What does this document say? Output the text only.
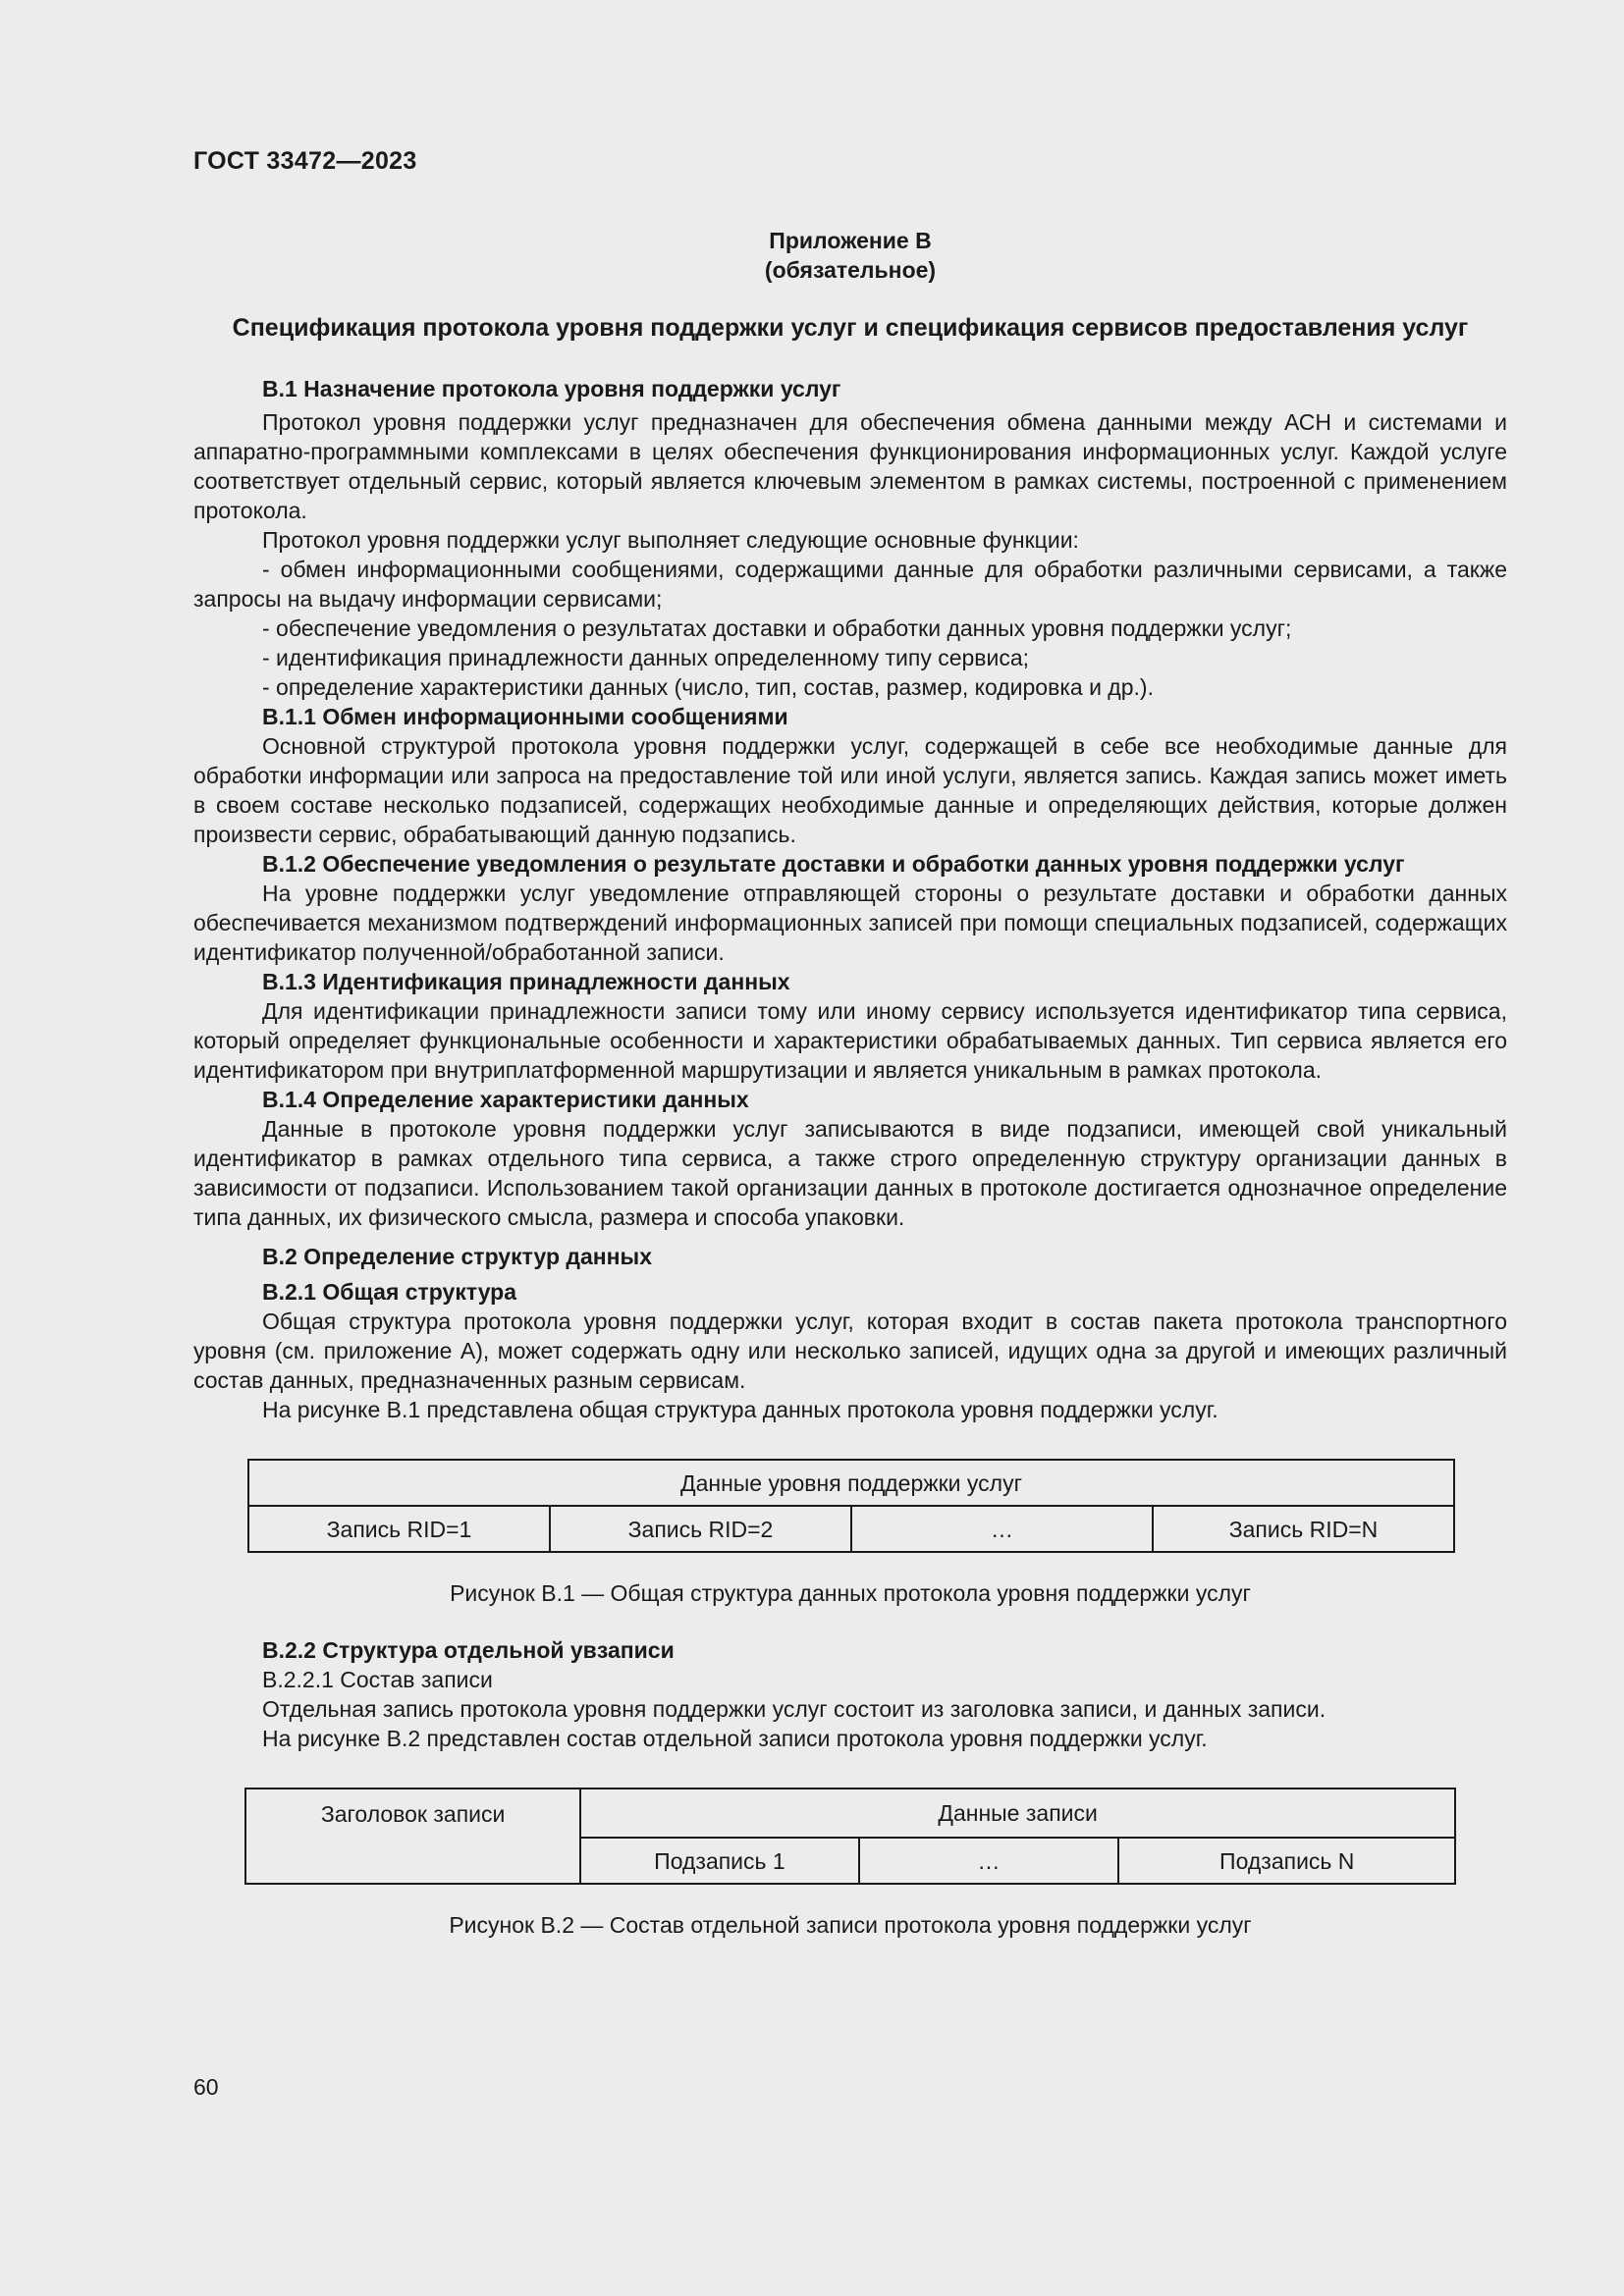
ГОСТ 33472—2023

Приложение В

(обязательное)

Спецификация протокола уровня поддержки услуг и спецификация сервисов предоставления услуг

В.1 Назначение протокола уровня поддержки услуг

Протокол уровня поддержки услуг предназначен для обеспечения обмена данными между АСН и системами и аппаратно-программными комплексами в целях обеспечения функционирования информационных услуг. Каждой услуге соответствует отдельный сервис, который является ключевым элементом в рамках системы, построенной с применением протокола.

Протокол уровня поддержки услуг выполняет следующие основные функции:

- обмен информационными сообщениями, содержащими данные для обработки различными сервисами, а также запросы на выдачу информации сервисами;

- обеспечение уведомления о результатах доставки и обработки данных уровня поддержки услуг;

- идентификация принадлежности данных определенному типу сервиса;

- определение характеристики данных (число, тип, состав, размер, кодировка и др.).

В.1.1 Обмен информационными сообщениями

Основной структурой протокола уровня поддержки услуг, содержащей в себе все необходимые данные для обработки информации или запроса на предоставление той или иной услуги, является запись. Каждая запись может иметь в своем составе несколько подзаписей, содержащих необходимые данные и определяющих действия, которые должен произвести сервис, обрабатывающий данную подзапись.

В.1.2 Обеспечение уведомления о результате доставки и обработки данных уровня поддержки услуг

На уровне поддержки услуг уведомление отправляющей стороны о результате доставки и обработки данных обеспечивается механизмом подтверждений информационных записей при помощи специальных подзаписей, содержащих идентификатор полученной/обработанной записи.

В.1.3 Идентификация принадлежности данных

Для идентификации принадлежности записи тому или иному сервису используется идентификатор типа сервиса, который определяет функциональные особенности и характеристики обрабатываемых данных. Тип сервиса является его идентификатором при внутриплатформенной маршрутизации и является уникальным в рамках протокола.

В.1.4 Определение характеристики данных

Данные в протоколе уровня поддержки услуг записываются в виде подзаписи, имеющей свой уникальный идентификатор в рамках отдельного типа сервиса, а также строго определенную структуру организации данных в зависимости от подзаписи. Использованием такой организации данных в протоколе достигается однозначное определение типа данных, их физического смысла, размера и способа упаковки.

В.2 Определение структур данных

В.2.1 Общая структура

Общая структура протокола уровня поддержки услуг, которая входит в состав пакета протокола транспортного уровня (см. приложение А), может содержать одну или несколько записей, идущих одна за другой и имеющих различный состав данных, предназначенных разным сервисам.

На рисунке В.1 представлена общая структура данных протокола уровня поддержки услуг.

Данные уровня поддержки услуг
Запись RID=1	Запись RID=2	…	Запись RID=N

Рисунок В.1 — Общая структура данных протокола уровня поддержки услуг

В.2.2 Структура отдельной увзаписи

В.2.2.1 Состав записи

Отдельная запись протокола уровня поддержки услуг состоит из заголовка записи, и данных записи.

На рисунке В.2 представлен состав отдельной записи протокола уровня поддержки услуг.

Заголовок записи	Данные записи		
	Подзапись 1	…	Подзапись N

Рисунок В.2 — Состав отдельной записи протокола уровня поддержки услуг

60
